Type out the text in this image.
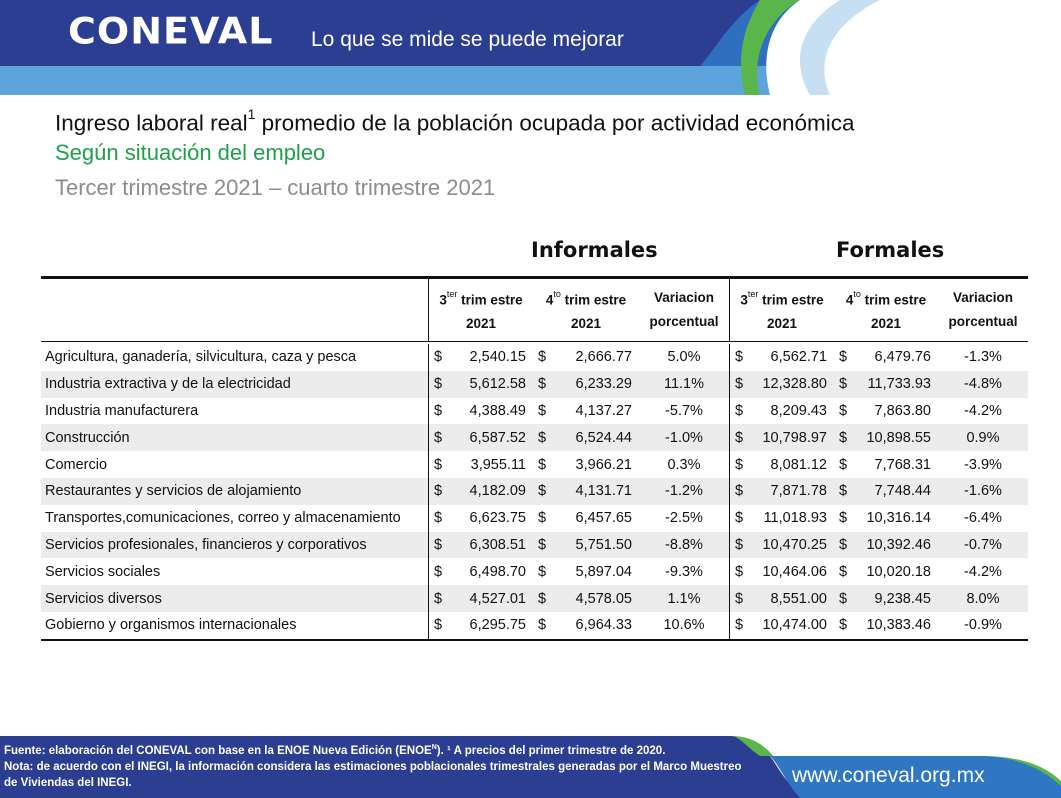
CONEVAL Lo que se mide se puede mejorar
Ingreso laboral real$^1$ promedio de la población ocupada por actividad económica
Según situación del empleo
Tercer trimestre 2021 – cuarto trimestre 2021
Informales	Formales
$3^{ter}$ trim estre
2021
$4^{to}$ trim estre
2021
Variacion
porcentual
$3^{ter}$ trim estre
2021
$4^{to}$ trim estre
2021
Variacion
porcentual
Agricultura, ganadería, silvicultura, caza y pesca	$ 2,540.15 $ 2,666.77	5.0%	$ 6,562.71 $ 6,479.76	-1.3%
Industria extractiva y de la electricidad	$ 5,612.58 $ 6,233.29	11.1%	$ 12,328.80 $ 11,733.93	-4.8%
Industria manufacturera	$ 4,388.49 $ 4,137.27	-5.7%	$ 8,209.43 $ 7,863.80	-4.2%
Construcción	$ 6,587.52 $ 6,524.44	-1.0%	$ 10,798.97 $ 10,898.55	0.9%
Comercio	$ 3,955.11 $ 3,966.21	0.3%	$ 8,081.12 $ 7,768.31	-3.9%
Restaurantes y servicios de alojamiento	$ 4,182.09 $ 4,131.71	-1.2%	$ 7,871.78 $ 7,748.44	-1.6%
Transportes,comunicaciones, correo y almacenamiento	$ 6,623.75 $ 6,457.65	-2.5%	$ 11,018.93 $ 10,316.14	-6.4%
Servicios profesionales, financieros y corporativos	$ 6,308.51 $ 5,751.50	-8.8%	$ 10,470.25 $ 10,392.46	-0.7%
Servicios sociales	$ 6,498.70 $ 5,897.04	-9.3%	$ 10,464.06 $ 10,020.18	-4.2%
Servicios diversos	$ 4,527.01 $ 4,578.05	1.1%	$ 8,551.00 $ 9,238.45	8.0%
Gobierno y organismos internacionales	$ 6,295.75 $ 6,964.33	10.6%	$ 10,474.00 $ 10,383.46	-0.9%
Fuente: elaboración del CONEVAL con base en la ENOE Nueva Edición $(ENOE^N)$. ¹ A precios del primer trimestre de 2020.
Nota: de acuerdo con el INEGI, la información considera las estimaciones poblacionales trimestrales generadas por el Marco Muestreo de Viviendas del INEGI.	www.coneval.org.mx
